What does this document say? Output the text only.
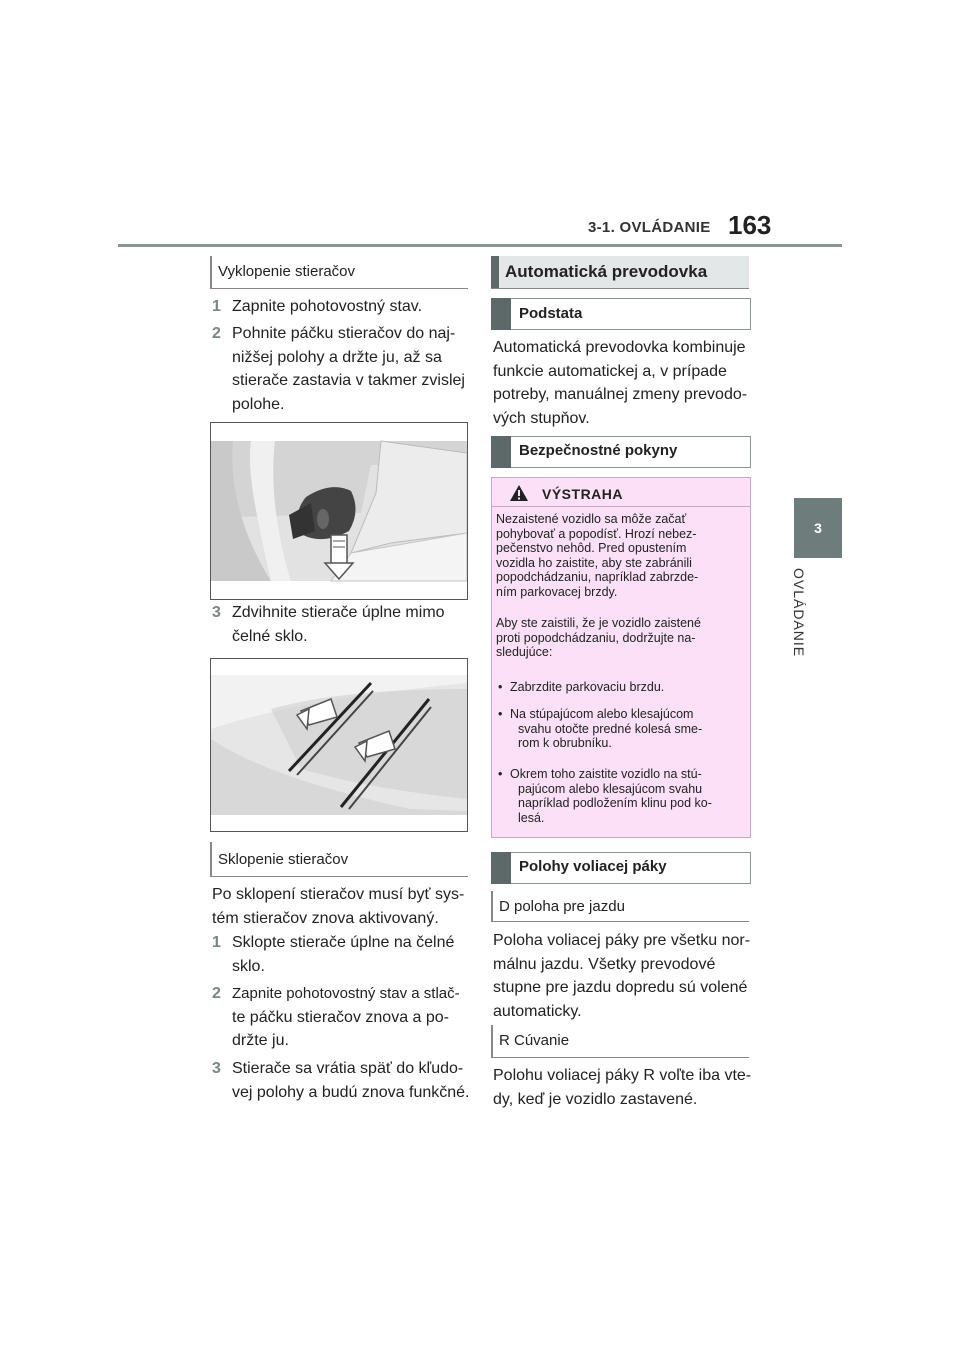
3-1. OVLÁDANIE 163
3
OVLÁDANIE
Vyklopenie stieračov
1 Zapnite pohotovostný stav.
2 Pohnite páčku stieračov do naj-
nižšej polohy a držte ju, až sa
stierače zastavia v takmer zvislej
polohe.
3 Zdvihnite stierače úplne mimo
čelné sklo.
Sklopenie stieračov
Po sklopení stieračov musí byť sys-
tém stieračov znova aktivovaný.
1 Sklopte stierače úplne na čelné
sklo.
2 Zapnite pohotovostný stav a stlač-
te páčku stieračov znova a po-
držte ju.
3 Stierače sa vrátia späť do kľudo-
vej polohy a budú znova funkčné.
Automatická prevodovka
Podstata
Automatická prevodovka kombinuje
funkcie automatickej a, v prípade
potreby, manuálnej zmeny prevodo-
vých stupňov.
Bezpečnostné pokyny
VÝSTRAHA
Nezaistené vozidlo sa môže začať
pohybovať a popodísť. Hrozí nebez-
pečenstvo nehôd. Pred opustením
vozidla ho zaistite, aby ste zabránili
popodchádzaniu, napríklad zabrzde-
ním parkovacej brzdy.
Aby ste zaistili, že je vozidlo zaistené
proti popodchádzaniu, dodržujte na-
sledujúce:
• Zabrzdite parkovaciu brzdu.
• Na stúpajúcom alebo klesajúcom
svahu otočte predné kolesá sme-
rom k obrubníku.
• Okrem toho zaistite vozidlo na stú-
pajúcom alebo klesajúcom svahu
napríklad podložením klinu pod ko-
lesá.
Polohy voliacej páky
D poloha pre jazdu
Poloha voliacej páky pre všetku nor-
málnu jazdu. Všetky prevodové
stupne pre jazdu dopredu sú volené
automaticky.
R Cúvanie
Polohu voliacej páky R voľte iba vte-
dy, keď je vozidlo zastavené.
